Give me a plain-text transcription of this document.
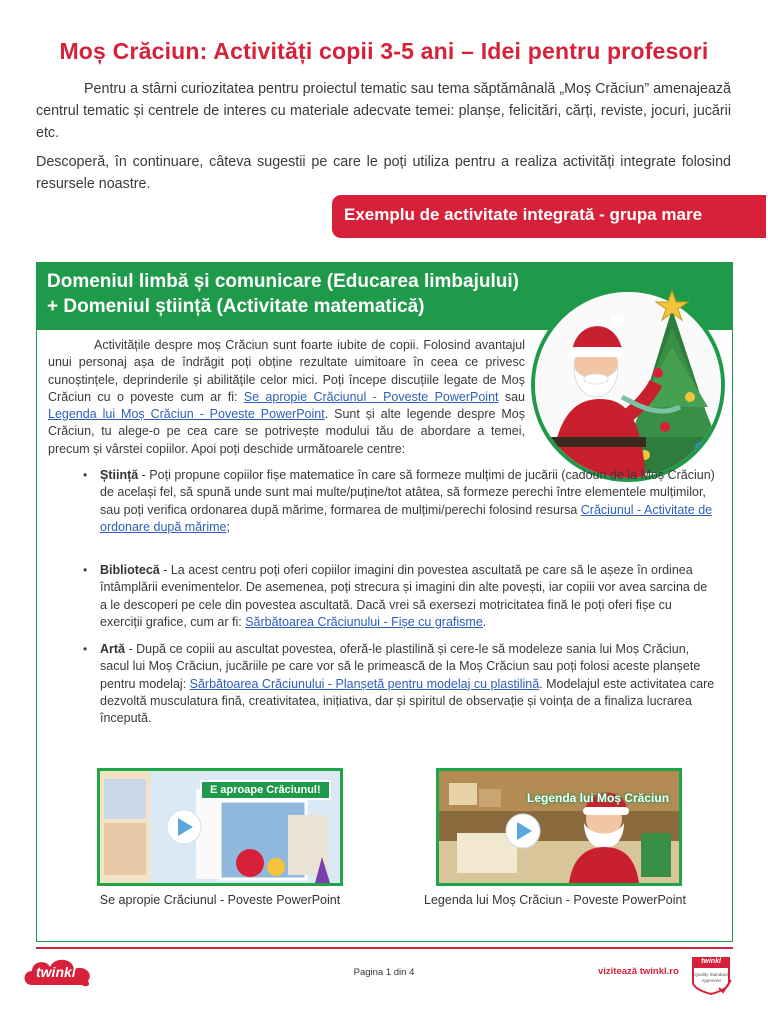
Moș Crăciun: Activități copii 3-5 ani – Idei pentru profesori

Pentru a stârni curiozitatea pentru proiectul tematic sau tema săptămânală „Moș Crăciun” amenajează centrul tematic și centrele de interes cu materiale adecvate temei: planșe, felicitări, cărți, reviste, jocuri, jucării etc.

Descoperă, în continuare, câteva sugestii pe care le poți utiliza pentru a realiza activități integrate folosind resursele noastre.

Exemplu de activitate integrată - grupa mare
Domeniul limbă și comunicare (Educarea limbajului)
+ Domeniul știință (Activitate matematică)

Activitățile despre moș Crăciun sunt foarte iubite de copii. Folosind avantajul unui personaj așa de îndrăgit poți obține rezultate uimitoare în ceea ce privesc cunoștințele, deprinderile și abilitățile celor mici. Poți începe discuțiile legate de Moș Crăciun cu o poveste cum ar fi: Se apropie Crăciunul - Poveste PowerPoint sau Legenda lui Moș Crăciun - Poveste PowerPoint. Sunt și alte legende despre Moș Crăciun, tu alege-o pe cea care se potrivește modului tău de abordare a temei, precum și vârstei copiilor. Apoi poți deschide următoarele centre:

• Știință - Poți propune copiilor fișe matematice în care să formeze mulțimi de jucării (cadouri de la Moș Crăciun) de același fel, să spună unde sunt mai multe/puține/tot atâtea, să formeze perechi între elementele mulțimilor, sau poți verifica ordonarea după mărime, formarea de mulțimi/perechi folosind resursa Crăciunul - Activitate de ordonare după mărime;
• Bibliotecă - La acest centru poți oferi copiilor imagini din povestea ascultată pe care să le așeze în ordinea întâmplării evenimentelor. De asemenea, poți strecura și imagini din alte povești, iar copiii vor avea sarcina de a le descoperi pe cele din povestea ascultată. Dacă vrei să exersezi motricitatea fină le poți oferi fișe cu exerciții grafice, cum ar fi: Sărbătoarea Crăciunului - Fișe cu grafisme.
• Artă - După ce copiii au ascultat povestea, oferă-le plastilină și cere-le să modeleze sania lui Moș Crăciun, sacul lui Moș Crăciun, jucăriile pe care vor să le primească de la Moș Crăciun sau poți folosi aceste planșete pentru modelaj: Sărbătoarea Crăciunului - Planșetă pentru modelaj cu plastilină. Modelajul este activitatea care dezvoltă musculatura fină, creativitatea, inițiativa, dar și spiritul de observație și voința de a finaliza lucrarea începută.
E aproape Crăciunul!
Legenda lui Moș Crăciun
Se apropie Crăciunul - Poveste PowerPoint	Legenda lui Moș Crăciun - Poveste PowerPoint
twinkl	Pagina 1 din 4	vizitează twinkl.ro
twinkl
Quality Standard
Approved
